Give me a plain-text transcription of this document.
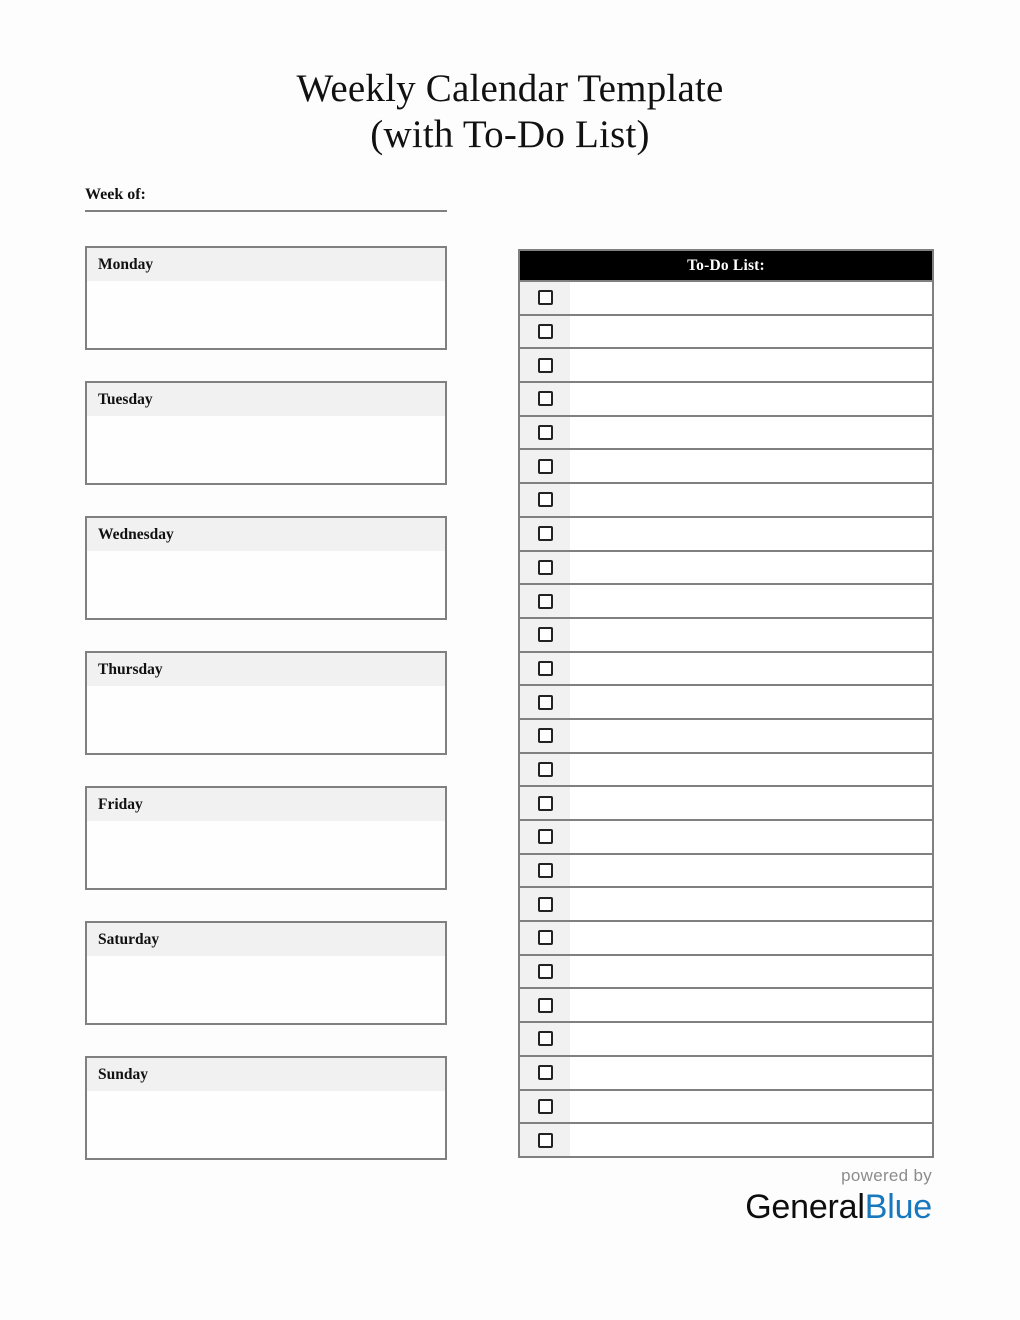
Weekly Calendar Template
(with To-Do List)
Week of:
Monday
Tuesday
Wednesday
Thursday
Friday
Saturday
Sunday
To-Do List:
powered by
GeneralBlue
